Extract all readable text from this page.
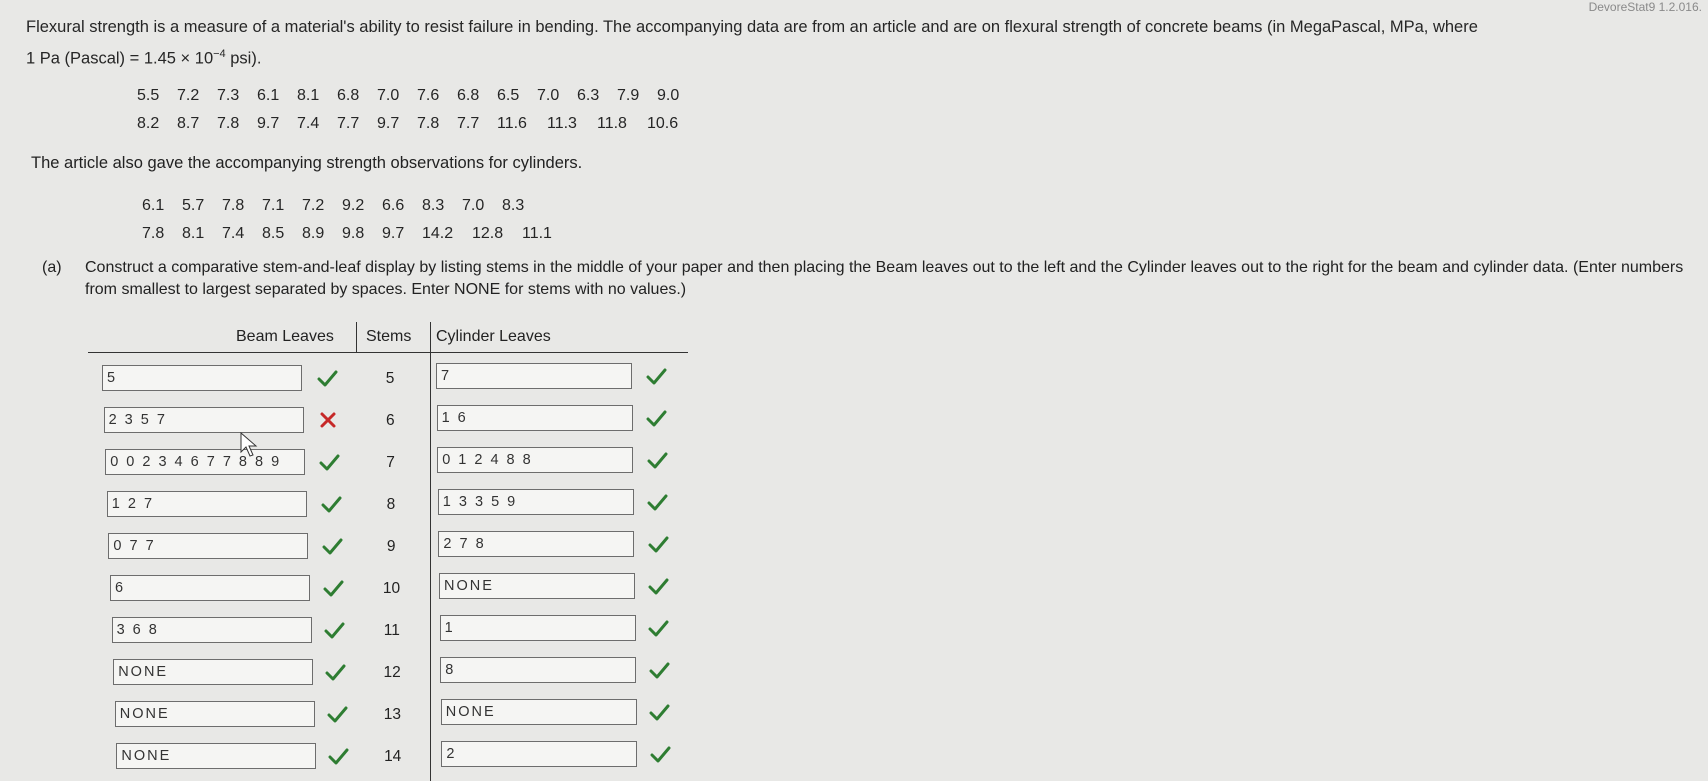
DevoreStat9 1.2.016.
Flexural strength is a measure of a material's ability to resist failure in bending. The accompanying data are from an article and are on flexural strength of concrete beams (in MegaPascal, MPa, where
1 Pa (Pascal) = $1.45 \times 10^{-4}$ psi).
5.5	7.2	7.3	6.1	8.1	6.8	7.0	7.6	6.8	6.5	7.0	6.3	7.9	9.0
8.2	8.7	7.8	9.7	7.4	7.7	9.7	7.8	7.7	11.6	11.3	11.8	10.6
The article also gave the accompanying strength observations for cylinders.
6.1	5.7	7.8	7.1	7.2	9.2	6.6	8.3	7.0	8.3
7.8	8.1	7.4	8.5	8.9	9.8	9.7	14.2	12.8	11.1
(a) Construct a comparative stem-and-leaf display by listing stems in the middle of your paper and then placing the Beam leaves out to the left and the Cylinder leaves out to the right for the beam and cylinder data. (Enter numbers from smallest to largest separated by spaces. Enter NONE for stems with no values.)
Beam Leaves Stems Cylinder Leaves
5	5	7
2 3 5 7	6	1 6
0 0 2 3 4 6 7 7 8 8 9	7	0 1 2 4 8 8
1 2 7	8	1 3 3 5 9
0 7 7	9	2 7 8
6	10	NONE
3 6 8	11	1
NONE	12	8
NONE	13	NONE
NONE	14	2
